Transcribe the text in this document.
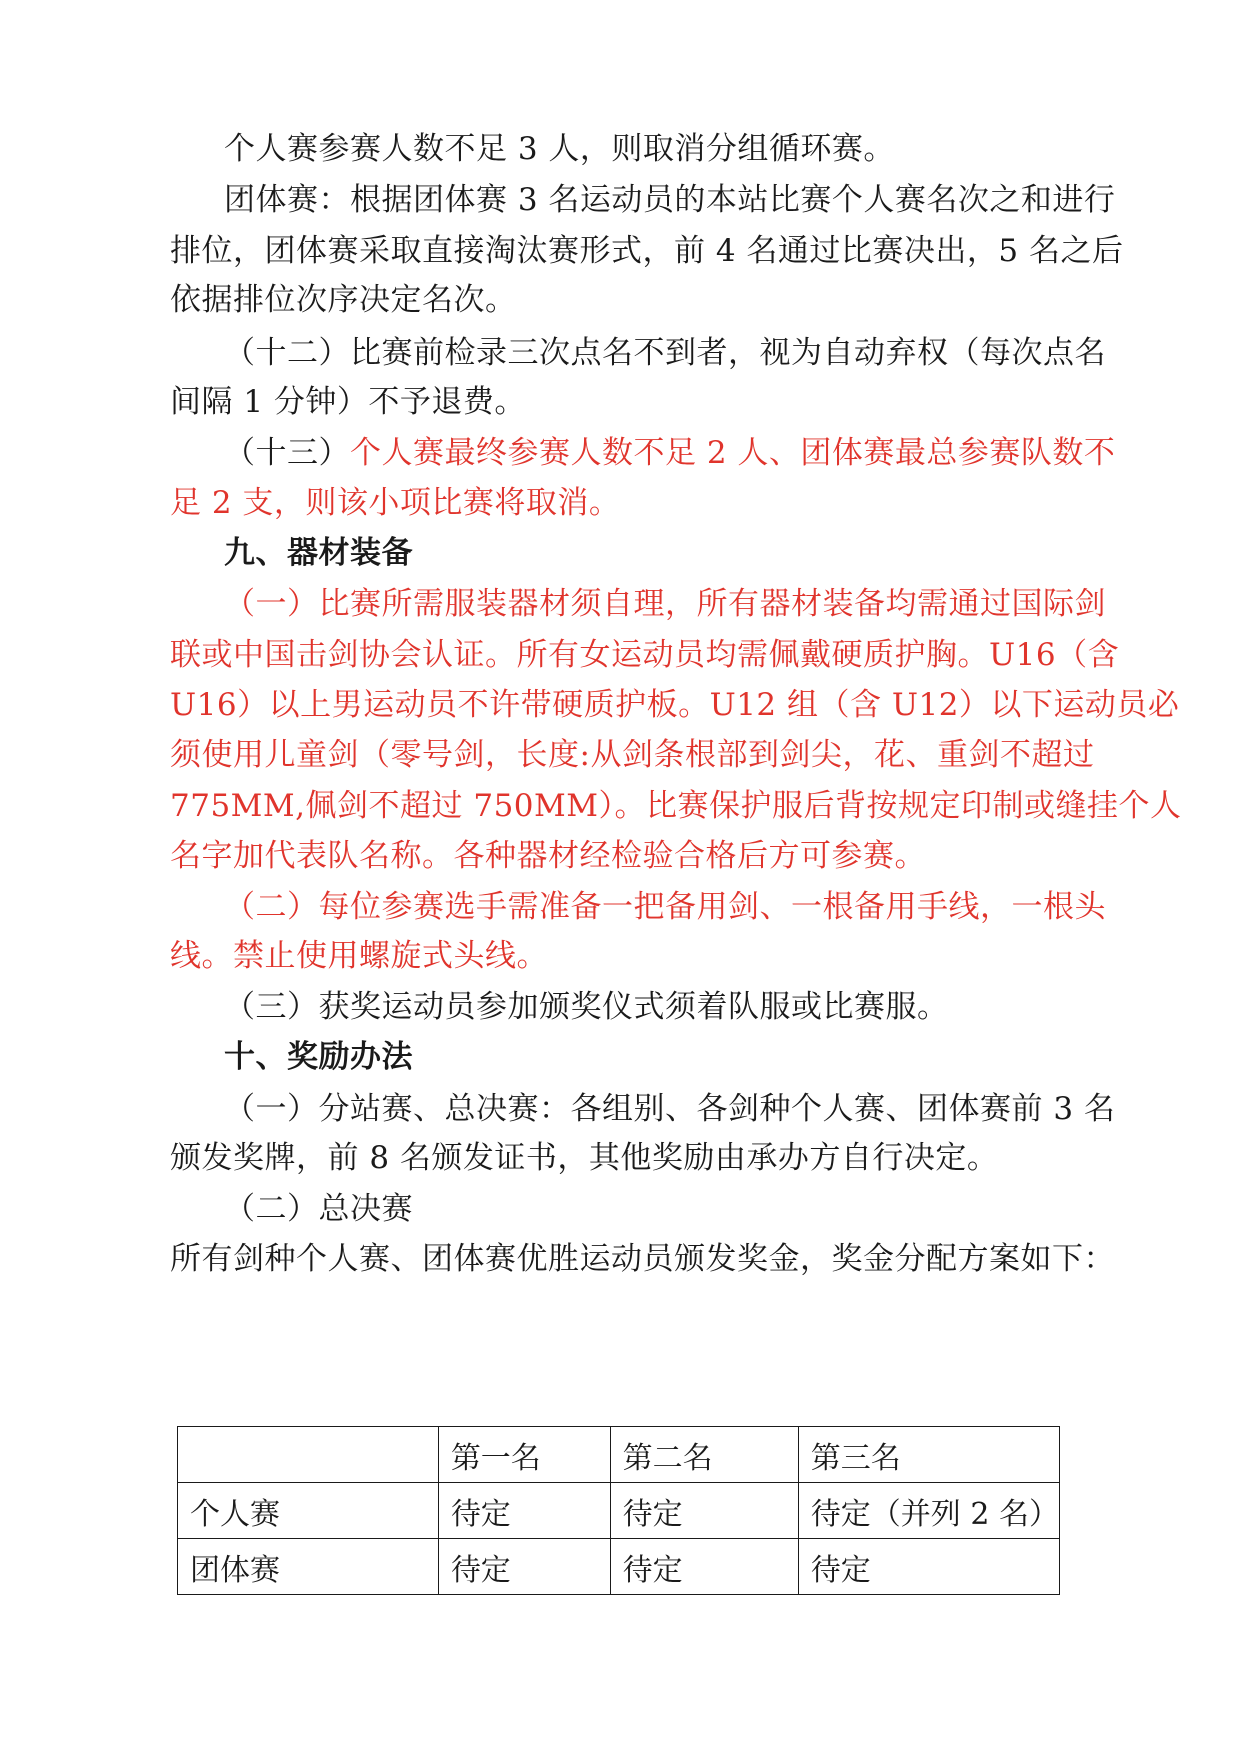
个人赛参赛人数不足 3 人，则取消分组循环赛。
团体赛：根据团体赛 3 名运动员的本站比赛个人赛名次之和进行
排位，团体赛采取直接淘汰赛形式，前 4 名通过比赛决出，5 名之后
依据排位次序决定名次。
（十二）比赛前检录三次点名不到者，视为自动弃权（每次点名
间隔 1 分钟）不予退费。
（十三）个人赛最终参赛人数不足 2 人、团体赛最总参赛队数不
足 2 支，则该小项比赛将取消。
九、器材装备
（一）比赛所需服装器材须自理，所有器材装备均需通过国际剑
联或中国击剑协会认证。所有女运动员均需佩戴硬质护胸。U16（含
U16）以上男运动员不许带硬质护板。U12 组（含 U12）以下运动员必
须使用儿童剑（零号剑，长度:从剑条根部到剑尖，花、重剑不超过
775MM,佩剑不超过 750MM）。比赛保护服后背按规定印制或缝挂个人
名字加代表队名称。各种器材经检验合格后方可参赛。
（二）每位参赛选手需准备一把备用剑、一根备用手线，一根头
线。禁止使用螺旋式头线。
（三）获奖运动员参加颁奖仪式须着队服或比赛服。
十、奖励办法
（一）分站赛、总决赛：各组别、各剑种个人赛、团体赛前 3 名
颁发奖牌，前 8 名颁发证书，其他奖励由承办方自行决定。
（二）总决赛
所有剑种个人赛、团体赛优胜运动员颁发奖金，奖金分配方案如下：
	第一名	第二名	第三名
个人赛	待定	待定	待定（并列 2 名）
团体赛	待定	待定	待定
